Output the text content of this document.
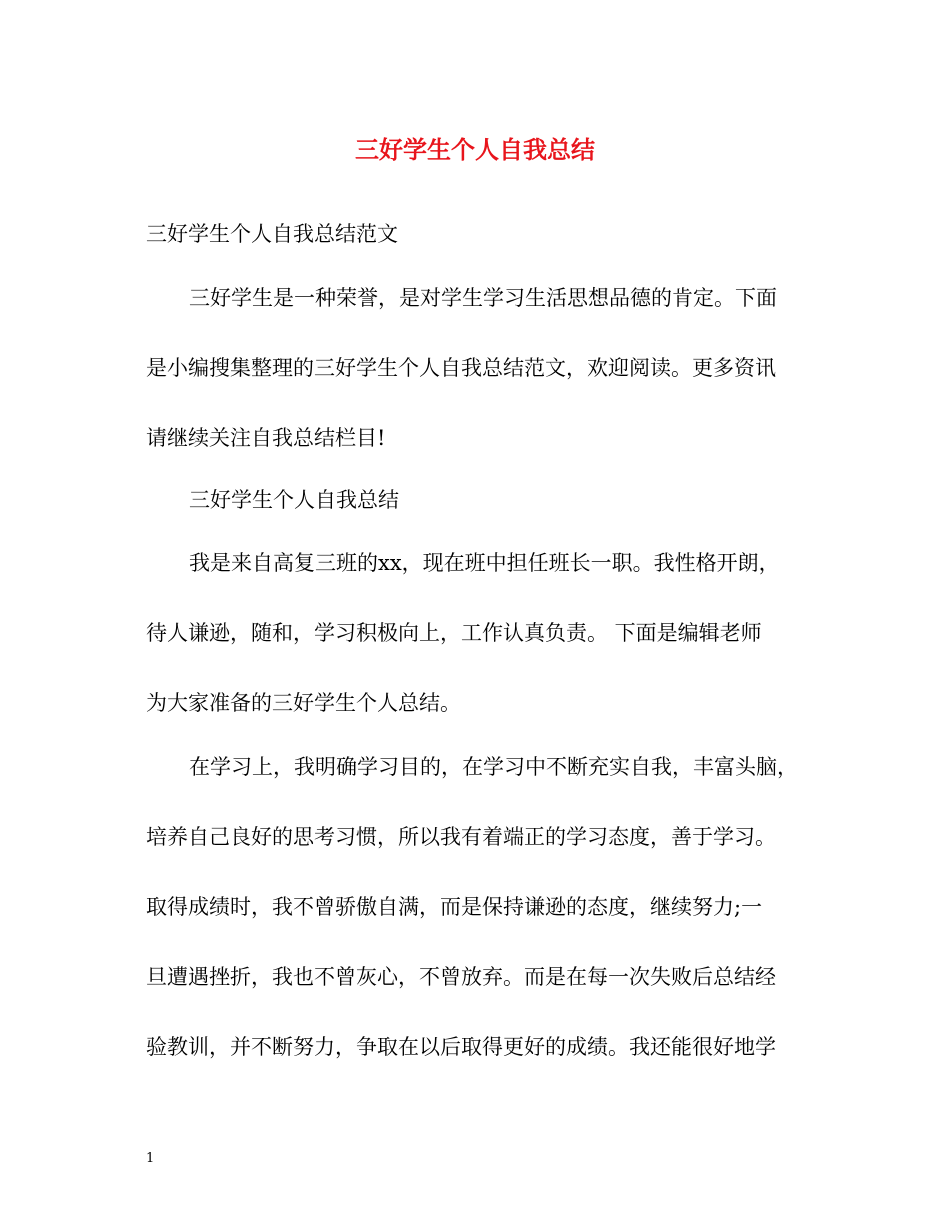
三好学生个人自我总结

三好学生个人自我总结范文

三好学生是一种荣誉，是对学生学习生活思想品德的肯定。下面

是小编搜集整理的三好学生个人自我总结范文，欢迎阅读。更多资讯

请继续关注自我总结栏目!

三好学生个人自我总结

我是来自高复三班的xx，现在班中担任班长一职。我性格开朗，

待人谦逊，随和，学习积极向上，工作认真负责。 下面是编辑老师

为大家准备的三好学生个人总结。

在学习上，我明确学习目的，在学习中不断充实自我，丰富头脑，

培养自己良好的思考习惯，所以我有着端正的学习态度，善于学习。

取得成绩时，我不曾骄傲自满，而是保持谦逊的态度，继续努力;一

旦遭遇挫折，我也不曾灰心，不曾放弃。而是在每一次失败后总结经

验教训，并不断努力，争取在以后取得更好的成绩。我还能很好地学

1
